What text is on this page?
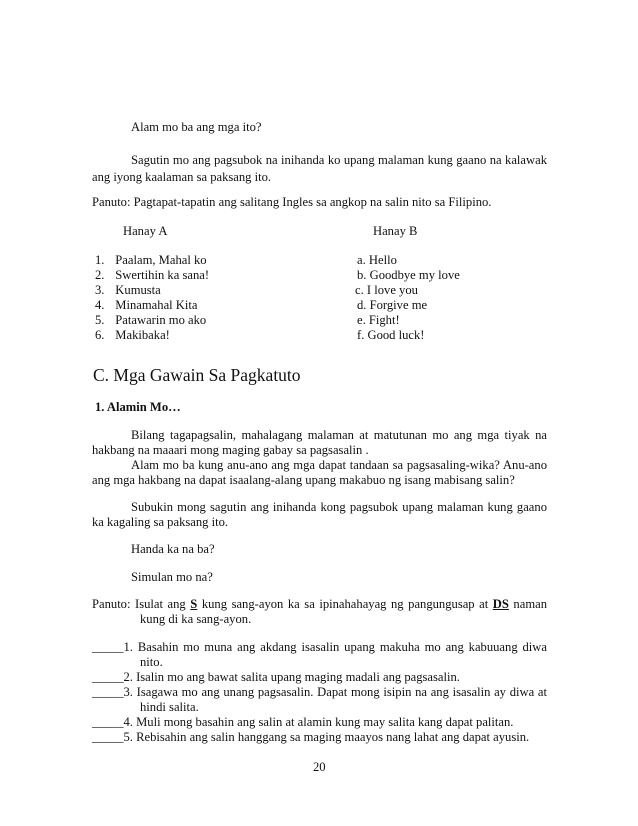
Alam mo ba ang mga ito?
Sagutin mo ang pagsubok na inihanda ko upang malaman kung gaano na kalawak
ang iyong kaalaman sa paksang ito.
Panuto: Pagtapat-tapatin ang salitang Ingles sa angkop na salin nito sa Filipino.
Hanay A	Hanay B
1. Paalam, Mahal ko
2. Swertihin ka sana!
3. Kumusta
4. Minamahal Kita
5. Patawarin mo ako
6. Makibaka!
a. Hello
b. Goodbye my love
c. I love you
d. Forgive me
e. Fight!
f. Good luck!
C. Mga Gawain Sa Pagkatuto
1. Alamin Mo…
Bilang tagapagsalin, mahalagang malaman at matutunan mo ang mga tiyak na
hakbang na maaari mong maging gabay sa pagsasalin .
Alam mo ba kung anu-ano ang mga dapat tandaan sa pagsasaling-wika? Anu-ano
ang mga hakbang na dapat isaalang-alang upang makabuo ng isang mabisang salin?
Subukin mong sagutin ang inihanda kong pagsubok upang malaman kung gaano
ka kagaling sa paksang ito.
Handa ka na ba?
Simulan mo na?
Panuto: Isulat ang S kung sang-ayon ka sa ipinahahayag ng pangungusap at DS naman
kung di ka sang-ayon.
_____1. Basahin mo muna ang akdang isasalin upang makuha mo ang kabuuang diwa
nito.
_____2. Isalin mo ang bawat salita upang maging madali ang pagsasalin.
_____3. Isagawa mo ang unang pagsasalin. Dapat mong isipin na ang isasalin ay diwa at
hindi salita.
_____4. Muli mong basahin ang salin at alamin kung may salita kang dapat palitan.
_____5. Rebisahin ang salin hanggang sa maging maayos nang lahat ang dapat ayusin.
20
